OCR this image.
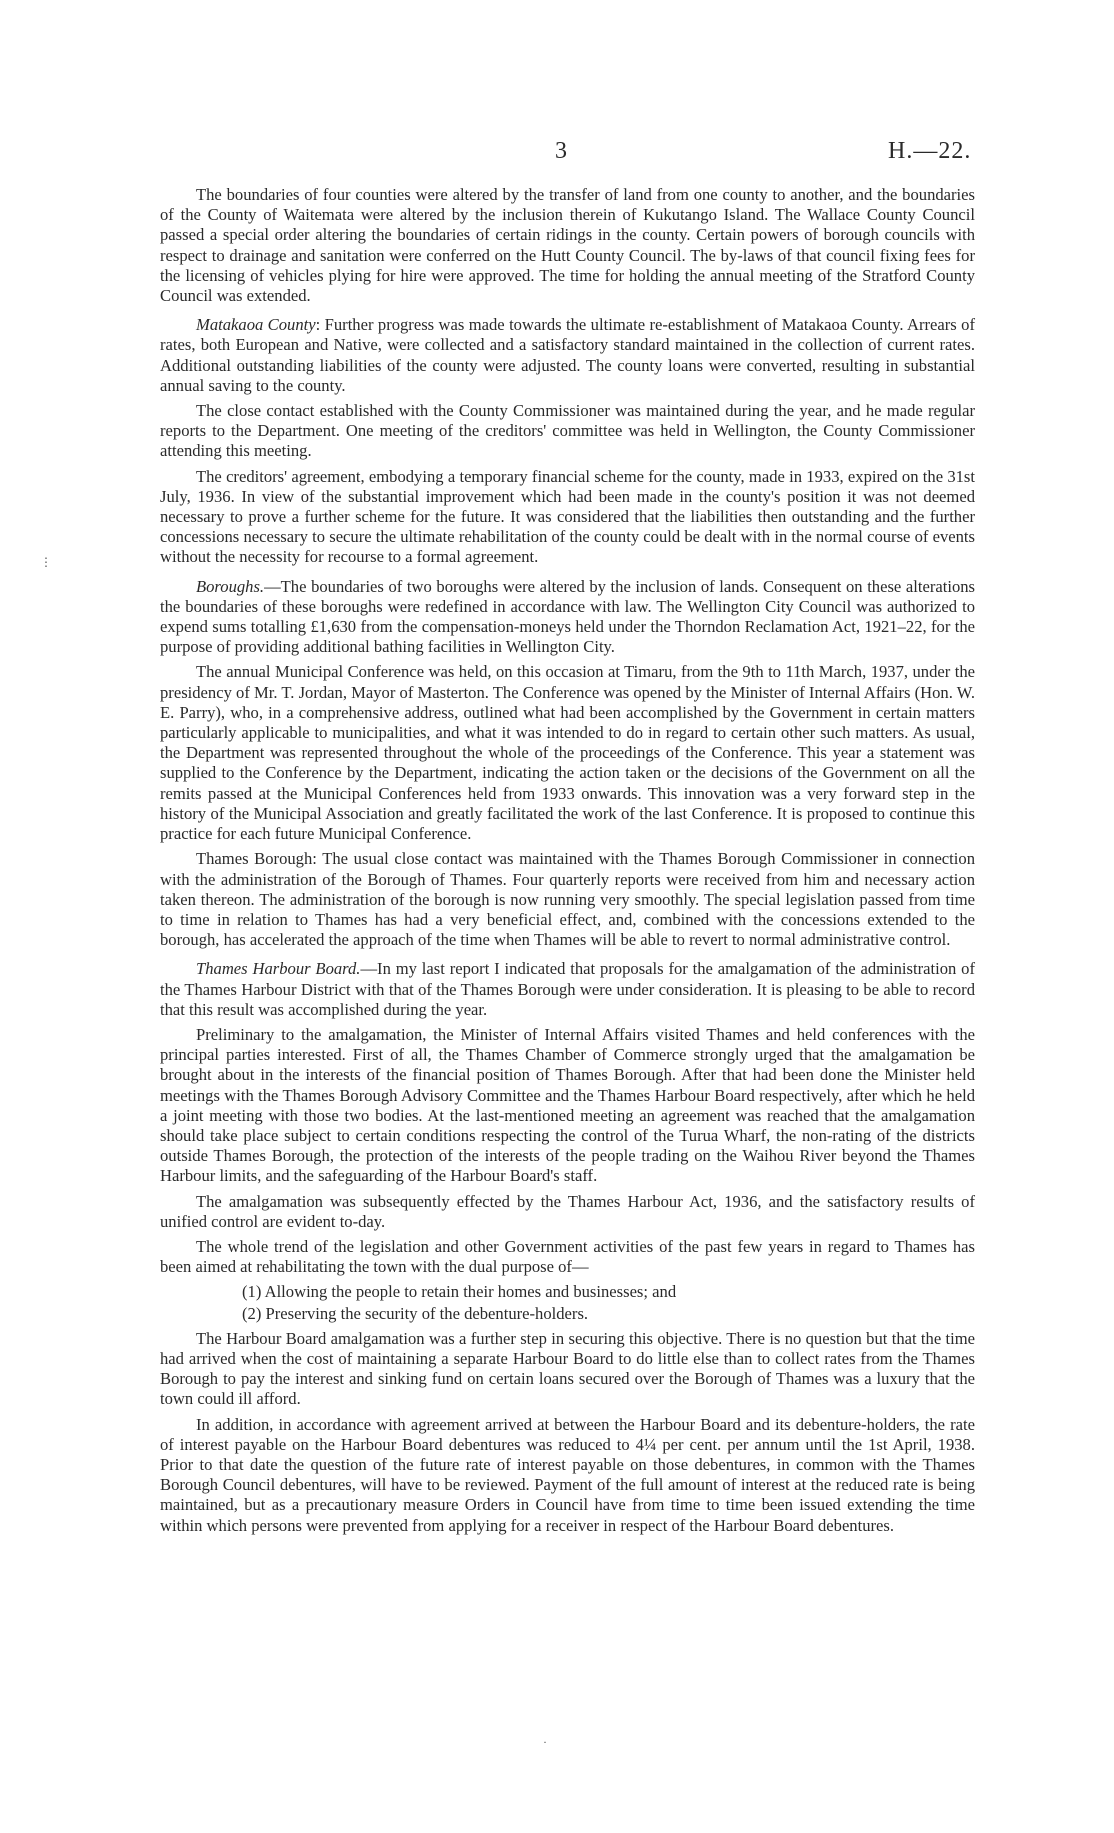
3	H.—22.

The boundaries of four counties were altered by the transfer of land from one county to another, and the boundaries of the County of Waitemata were altered by the inclusion therein of Kukutango Island. The Wallace County Council passed a special order altering the boundaries of certain ridings in the county. Certain powers of borough councils with respect to drainage and sanitation were conferred on the Hutt County Council. The by-laws of that council fixing fees for the licensing of vehicles plying for hire were approved. The time for holding the annual meeting of the Stratford County Council was extended.

Matakaoa County: Further progress was made towards the ultimate re-establishment of Matakaoa County. Arrears of rates, both European and Native, were collected and a satisfactory standard maintained in the collection of current rates. Additional outstanding liabilities of the county were adjusted. The county loans were converted, resulting in substantial annual saving to the county.

The close contact established with the County Commissioner was maintained during the year, and he made regular reports to the Department. One meeting of the creditors' committee was held in Wellington, the County Commissioner attending this meeting.

The creditors' agreement, embodying a temporary financial scheme for the county, made in 1933, expired on the 31st July, 1936. In view of the substantial improvement which had been made in the county's position it was not deemed necessary to prove a further scheme for the future. It was considered that the liabilities then outstanding and the further concessions necessary to secure the ultimate rehabilitation of the county could be dealt with in the normal course of events without the necessity for recourse to a formal agreement.

Boroughs.—The boundaries of two boroughs were altered by the inclusion of lands. Consequent on these alterations the boundaries of these boroughs were redefined in accordance with law. The Wellington City Council was authorized to expend sums totalling £1,630 from the compensation-moneys held under the Thorndon Reclamation Act, 1921–22, for the purpose of providing additional bathing facilities in Wellington City.

The annual Municipal Conference was held, on this occasion at Timaru, from the 9th to 11th March, 1937, under the presidency of Mr. T. Jordan, Mayor of Masterton. The Conference was opened by the Minister of Internal Affairs (Hon. W. E. Parry), who, in a comprehensive address, outlined what had been accomplished by the Government in certain matters particularly applicable to municipalities, and what it was intended to do in regard to certain other such matters. As usual, the Department was represented throughout the whole of the proceedings of the Conference. This year a statement was supplied to the Conference by the Department, indicating the action taken or the decisions of the Government on all the remits passed at the Municipal Conferences held from 1933 onwards. This innovation was a very forward step in the history of the Municipal Association and greatly facilitated the work of the last Conference. It is proposed to continue this practice for each future Municipal Conference.

Thames Borough: The usual close contact was maintained with the Thames Borough Commissioner in connection with the administration of the Borough of Thames. Four quarterly reports were received from him and necessary action taken thereon. The administration of the borough is now running very smoothly. The special legislation passed from time to time in relation to Thames has had a very beneficial effect, and, combined with the concessions extended to the borough, has accelerated the approach of the time when Thames will be able to revert to normal administrative control.

Thames Harbour Board.—In my last report I indicated that proposals for the amalgamation of the administration of the Thames Harbour District with that of the Thames Borough were under consideration. It is pleasing to be able to record that this result was accomplished during the year.

Preliminary to the amalgamation, the Minister of Internal Affairs visited Thames and held conferences with the principal parties interested. First of all, the Thames Chamber of Commerce strongly urged that the amalgamation be brought about in the interests of the financial position of Thames Borough. After that had been done the Minister held meetings with the Thames Borough Advisory Committee and the Thames Harbour Board respectively, after which he held a joint meeting with those two bodies. At the last-mentioned meeting an agreement was reached that the amalgamation should take place subject to certain conditions respecting the control of the Turua Wharf, the non-rating of the districts outside Thames Borough, the protection of the interests of the people trading on the Waihou River beyond the Thames Harbour limits, and the safeguarding of the Harbour Board's staff.

The amalgamation was subsequently effected by the Thames Harbour Act, 1936, and the satisfactory results of unified control are evident to-day.

The whole trend of the legislation and other Government activities of the past few years in regard to Thames has been aimed at rehabilitating the town with the dual purpose of—

(1) Allowing the people to retain their homes and businesses; and
(2) Preserving the security of the debenture-holders.

The Harbour Board amalgamation was a further step in securing this objective. There is no question but that the time had arrived when the cost of maintaining a separate Harbour Board to do little else than to collect rates from the Thames Borough to pay the interest and sinking fund on certain loans secured over the Borough of Thames was a luxury that the town could ill afford.

In addition, in accordance with agreement arrived at between the Harbour Board and its debenture-holders, the rate of interest payable on the Harbour Board debentures was reduced to 4¼ per cent. per annum until the 1st April, 1938. Prior to that date the question of the future rate of interest payable on those debentures, in common with the Thames Borough Council debentures, will have to be reviewed. Payment of the full amount of interest at the reduced rate is being maintained, but as a precautionary measure Orders in Council have from time to time been issued extending the time within which persons were prevented from applying for a receiver in respect of the Harbour Board debentures.

⋮
·
